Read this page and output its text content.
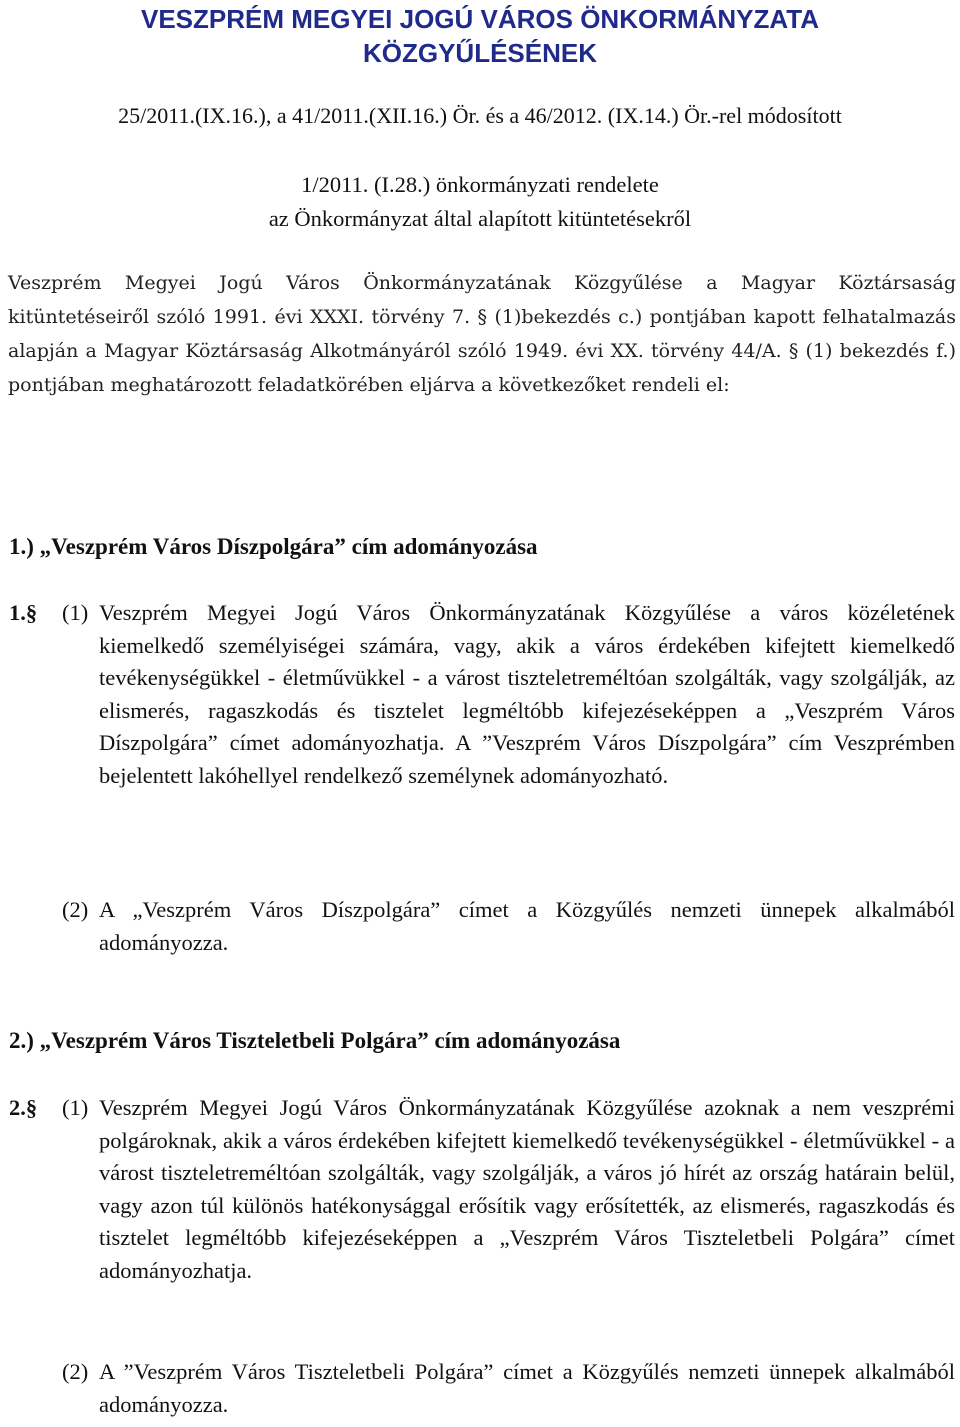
VESZPRÉM MEGYEI JOGÚ VÁROS ÖNKORMÁNYZATA
KÖZGYŰLÉSÉNEK
25/2011.(IX.16.), a 41/2011.(XII.16.) Ör. és a 46/2012. (IX.14.) Ör.-rel módosított
1/2011. (I.28.) önkormányzati rendelete
az Önkormányzat által alapított kitüntetésekről
Veszprém Megyei Jogú Város Önkormányzatának Közgyűlése a Magyar Köztársaság kitüntetéseiről szóló 1991. évi XXXI. törvény 7. § (1)bekezdés c.) pontjában kapott felhatalmazás alapján a Magyar Köztársaság Alkotmányáról szóló 1949. évi XX. törvény 44/A. § (1) bekezdés f.) pontjában meghatározott feladatkörében eljárva a következőket rendeli el:
1.) „Veszprém Város Díszpolgára” cím adományozása
1.§ (1) Veszprém Megyei Jogú Város Önkormányzatának Közgyűlése a város közéletének kiemelkedő személyiségei számára, vagy, akik a város érdekében kifejtett kiemelkedő tevékenységükkel - életművükkel - a várost tiszteletreméltóan szolgálták, vagy szolgálják, az elismerés, ragaszkodás és tisztelet legméltóbb kifejezéseképpen a „Veszprém Város Díszpolgára” címet adományozhatja. A ”Veszprém Város Díszpolgára” cím Veszprémben bejelentett lakóhellyel rendelkező személynek adományozható.
(2) A „Veszprém Város Díszpolgára” címet a Közgyűlés nemzeti ünnepek alkalmából adományozza.
2.) „Veszprém Város Tiszteletbeli Polgára” cím adományozása
2.§ (1) Veszprém Megyei Jogú Város Önkormányzatának Közgyűlése azoknak a nem veszprémi polgároknak, akik a város érdekében kifejtett kiemelkedő tevékenységükkel - életművükkel - a várost tiszteletreméltóan szolgálták, vagy szolgálják, a város jó hírét az ország határain belül, vagy azon túl különös hatékonysággal erősítik vagy erősítették, az elismerés, ragaszkodás és tisztelet legméltóbb kifejezéseképpen a „Veszprém Város Tiszteletbeli Polgára” címet adományozhatja.
(2) A ”Veszprém Város Tiszteletbeli Polgára” címet a Közgyűlés nemzeti ünnepek alkalmából adományozza.
